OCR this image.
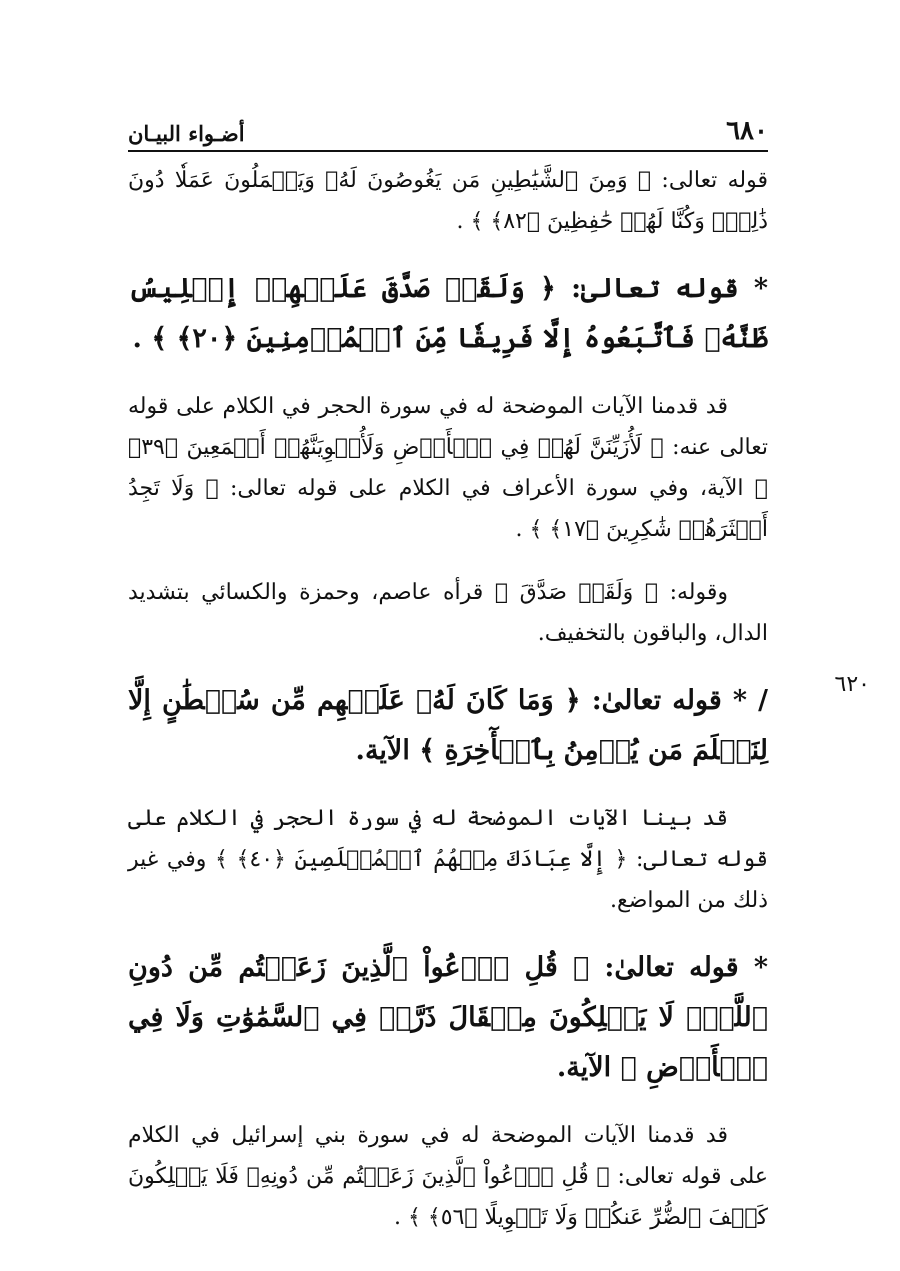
٦٨٠
أضـواء البيـان
٦٢٠

قوله تعالى: ﴿ وَمِنَ ٱلشَّيَٰطِينِ مَن يَغُوصُونَ لَهُۥ وَيَعۡمَلُونَ عَمَلٗا دُونَ ذَٰلِكَۖ وَكُنَّا لَهُمۡ حَٰفِظِينَ ﴿٨٢﴾ ﴾ .

* قوله تعالىٰ: ﴿ وَلَقَدۡ صَدَّقَ عَلَيۡهِمۡ إِبۡلِيسُ ظَنَّهُۥ فَٱتَّبَعُوهُ إِلَّا فَرِيقٗا مِّنَ ٱلۡمُؤۡمِنِينَ ﴿٢٠﴾ ﴾ .

قد قدمنا الآيات الموضحة له في سورة الحجر في الكلام على قوله تعالى عنه: ﴿ لَأُزَيِّنَنَّ لَهُمۡ فِي ٱلۡأَرۡضِ وَلَأُغۡوِيَنَّهُمۡ أَجۡمَعِينَ ﴿٣٩﴾ ﴾ الآية، وفي سورة الأعراف في الكلام على قوله تعالى: ﴿ وَلَا تَجِدُ أَكۡثَرَهُمۡ شَٰكِرِينَ ﴿١٧﴾ ﴾ .

وقوله: ﴿ وَلَقَدۡ صَدَّقَ ﴾ قرأه عاصم، وحمزة والكسائي بتشديد الدال، والباقون بالتخفيف.

/ * قوله تعالىٰ: ﴿ وَمَا كَانَ لَهُۥ عَلَيۡهِم مِّن سُلۡطَٰنٍ إِلَّا لِنَعۡلَمَ مَن يُؤۡمِنُ بِٱلۡأٓخِرَةِ ﴾ الآية.

قد بينا الآيات الموضحة له في سورة الحجر في الكلام على قوله تعالى: ﴿ إِلَّا عِبَادَكَ مِنۡهُمُ ٱلۡمُخۡلَصِينَ ﴿٤٠﴾ ﴾ وفي غير ذلك من المواضع.

* قوله تعالىٰ: ﴿ قُلِ ٱدۡعُواْ ٱلَّذِينَ زَعَمۡتُم مِّن دُونِ ٱللَّهِۖ لَا يَمۡلِكُونَ مِثۡقَالَ ذَرَّةٖ فِي ٱلسَّمَٰوَٰتِ وَلَا فِي ٱلۡأَرۡضِ ﴾ الآية.

قد قدمنا الآيات الموضحة له في سورة بني إسرائيل في الكلام على قوله تعالى: ﴿ قُلِ ٱدۡعُواْ ٱلَّذِينَ زَعَمۡتُم مِّن دُونِهِۦ فَلَا يَمۡلِكُونَ كَشۡفَ ٱلضُّرِّ عَنكُمۡ وَلَا تَحۡوِيلًا ﴿٥٦﴾ ﴾ .
